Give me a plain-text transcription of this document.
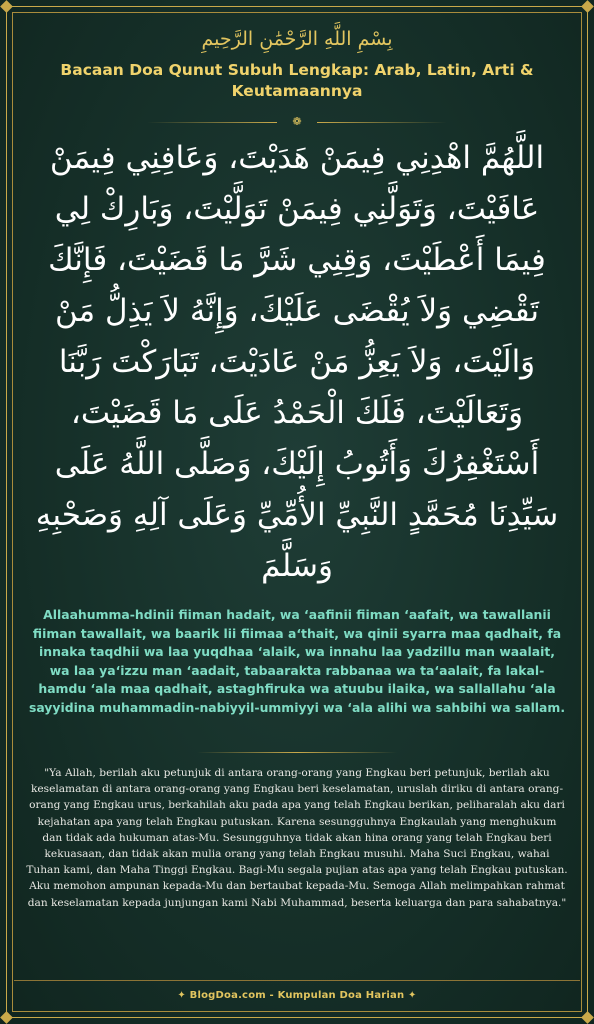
بِسْمِ اللَّهِ الرَّحْمَٰنِ الرَّحِيمِ
Bacaan Doa Qunut Subuh Lengkap: Arab, Latin, Arti & Keutamaannya
❁
اللَّهُمَّ اهْدِنِي فِيمَنْ هَدَيْتَ، وَعَافِنِي فِيمَنْ عَافَيْتَ، وَتَوَلَّنِي فِيمَنْ تَوَلَّيْتَ، وَبَارِكْ لِي فِيمَا أَعْطَيْتَ، وَقِنِي شَرَّ مَا قَضَيْتَ، فَإِنَّكَ تَقْضِي وَلاَ يُقْضَى عَلَيْكَ، وَإِنَّهُ لاَ يَذِلُّ مَنْ وَالَيْتَ، وَلاَ يَعِزُّ مَنْ عَادَيْتَ، تَبَارَكْتَ رَبَّنَا وَتَعَالَيْتَ، فَلَكَ الْحَمْدُ عَلَى مَا قَضَيْتَ، أَسْتَغْفِرُكَ وَأَتُوبُ إِلَيْكَ، وَصَلَّى اللَّهُ عَلَى سَيِّدِنَا مُحَمَّدٍ النَّبِيِّ الأُمِّيِّ وَعَلَى آلِهِ وَصَحْبِهِ وَسَلَّمَ
Allaahumma-hdinii fiiman hadait, wa ‘aafinii fiiman ‘aafait, wa tawallanii fiiman tawallait, wa baarik lii fiimaa a‘thait, wa qinii syarra maa qadhait, fa innaka taqdhii wa laa yuqdhaa ‘alaik, wa innahu laa yadzillu man waalait, wa laa ya‘izzu man ‘aadait, tabaarakta rabbanaa wa ta‘aalait, fa lakal-hamdu ‘ala maa qadhait, astaghfiruka wa atuubu ilaika, wa sallallahu ‘ala sayyidina muhammadin-nabiyyil-ummiyyi wa ‘ala alihi wa sahbihi wa sallam.
"Ya Allah, berilah aku petunjuk di antara orang-orang yang Engkau beri petunjuk, berilah aku keselamatan di antara orang-orang yang Engkau beri keselamatan, uruslah diriku di antara orang-orang yang Engkau urus, berkahilah aku pada apa yang telah Engkau berikan, peliharalah aku dari kejahatan apa yang telah Engkau putuskan. Karena sesungguhnya Engkaulah yang menghukum dan tidak ada hukuman atas-Mu. Sesungguhnya tidak akan hina orang yang telah Engkau beri kekuasaan, dan tidak akan mulia orang yang telah Engkau musuhi. Maha Suci Engkau, wahai Tuhan kami, dan Maha Tinggi Engkau. Bagi-Mu segala pujian atas apa yang telah Engkau putuskan. Aku memohon ampunan kepada-Mu dan bertaubat kepada-Mu. Semoga Allah melimpahkan rahmat dan keselamatan kepada junjungan kami Nabi Muhammad, beserta keluarga dan para sahabatnya."
✦ BlogDoa.com - Kumpulan Doa Harian ✦
